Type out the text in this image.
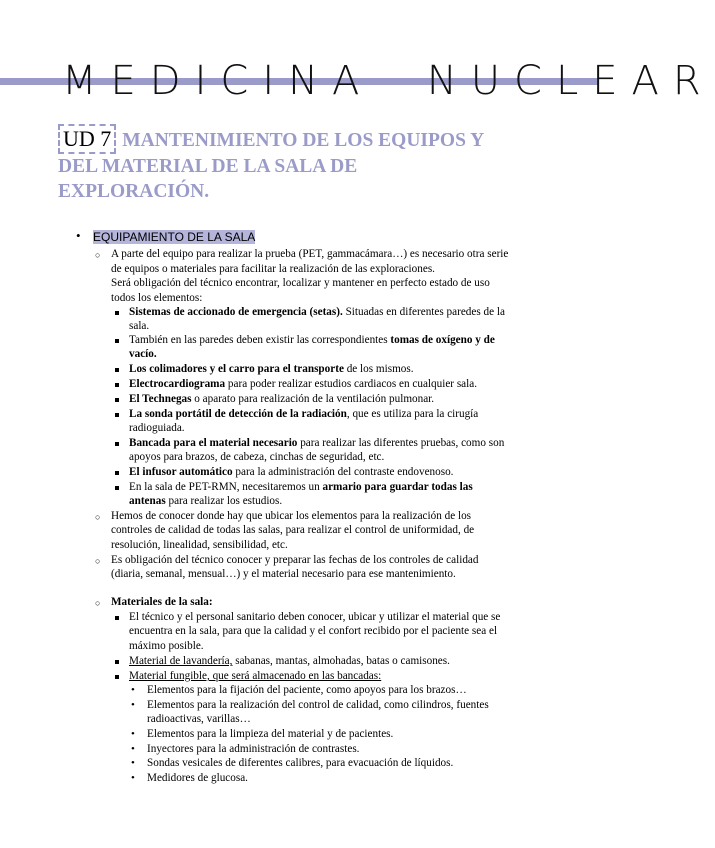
MEDICINA NUCLEAR
UD 7 MANTENIMIENTO DE LOS EQUIPOS Y
DEL MATERIAL DE LA SALA DE
EXPLORACIÓN.
• EQUIPAMIENTO DE LA SALA
○ A parte del equipo para realizar la prueba (PET, gammacámara…) es necesario otra serie
de equipos o materiales para facilitar la realización de las exploraciones.
Será obligación del técnico encontrar, localizar y mantener en perfecto estado de uso
todos los elementos:
Sistemas de accionado de emergencia (setas). Situadas en diferentes paredes de la
sala.
También en las paredes deben existir las correspondientes tomas de oxígeno y de
vacío.
Los colimadores y el carro para el transporte de los mismos.
Electrocardiograma para poder realizar estudios cardiacos en cualquier sala.
El Technegas o aparato para realización de la ventilación pulmonar.
La sonda portátil de detección de la radiación, que es utiliza para la cirugía
radioguiada.
Bancada para el material necesario para realizar las diferentes pruebas, como son
apoyos para brazos, de cabeza, cinchas de seguridad, etc.
El infusor automático para la administración del contraste endovenoso.
En la sala de PET-RMN, necesitaremos un armario para guardar todas las
antenas para realizar los estudios.
○ Hemos de conocer donde hay que ubicar los elementos para la realización de los
controles de calidad de todas las salas, para realizar el control de uniformidad, de
resolución, linealidad, sensibilidad, etc.
○ Es obligación del técnico conocer y preparar las fechas de los controles de calidad
(diaria, semanal, mensual…) y el material necesario para ese mantenimiento.
○ Materiales de la sala:
El técnico y el personal sanitario deben conocer, ubicar y utilizar el material que se
encuentra en la sala, para que la calidad y el confort recibido por el paciente sea el
máximo posible.
Material de lavandería, sabanas, mantas, almohadas, batas o camisones.
Material fungible, que será almacenado en las bancadas:
• Elementos para la fijación del paciente, como apoyos para los brazos…
• Elementos para la realización del control de calidad, como cilindros, fuentes
radioactivas, varillas…
• Elementos para la limpieza del material y de pacientes.
• Inyectores para la administración de contrastes.
• Sondas vesicales de diferentes calibres, para evacuación de líquidos.
• Medidores de glucosa.
